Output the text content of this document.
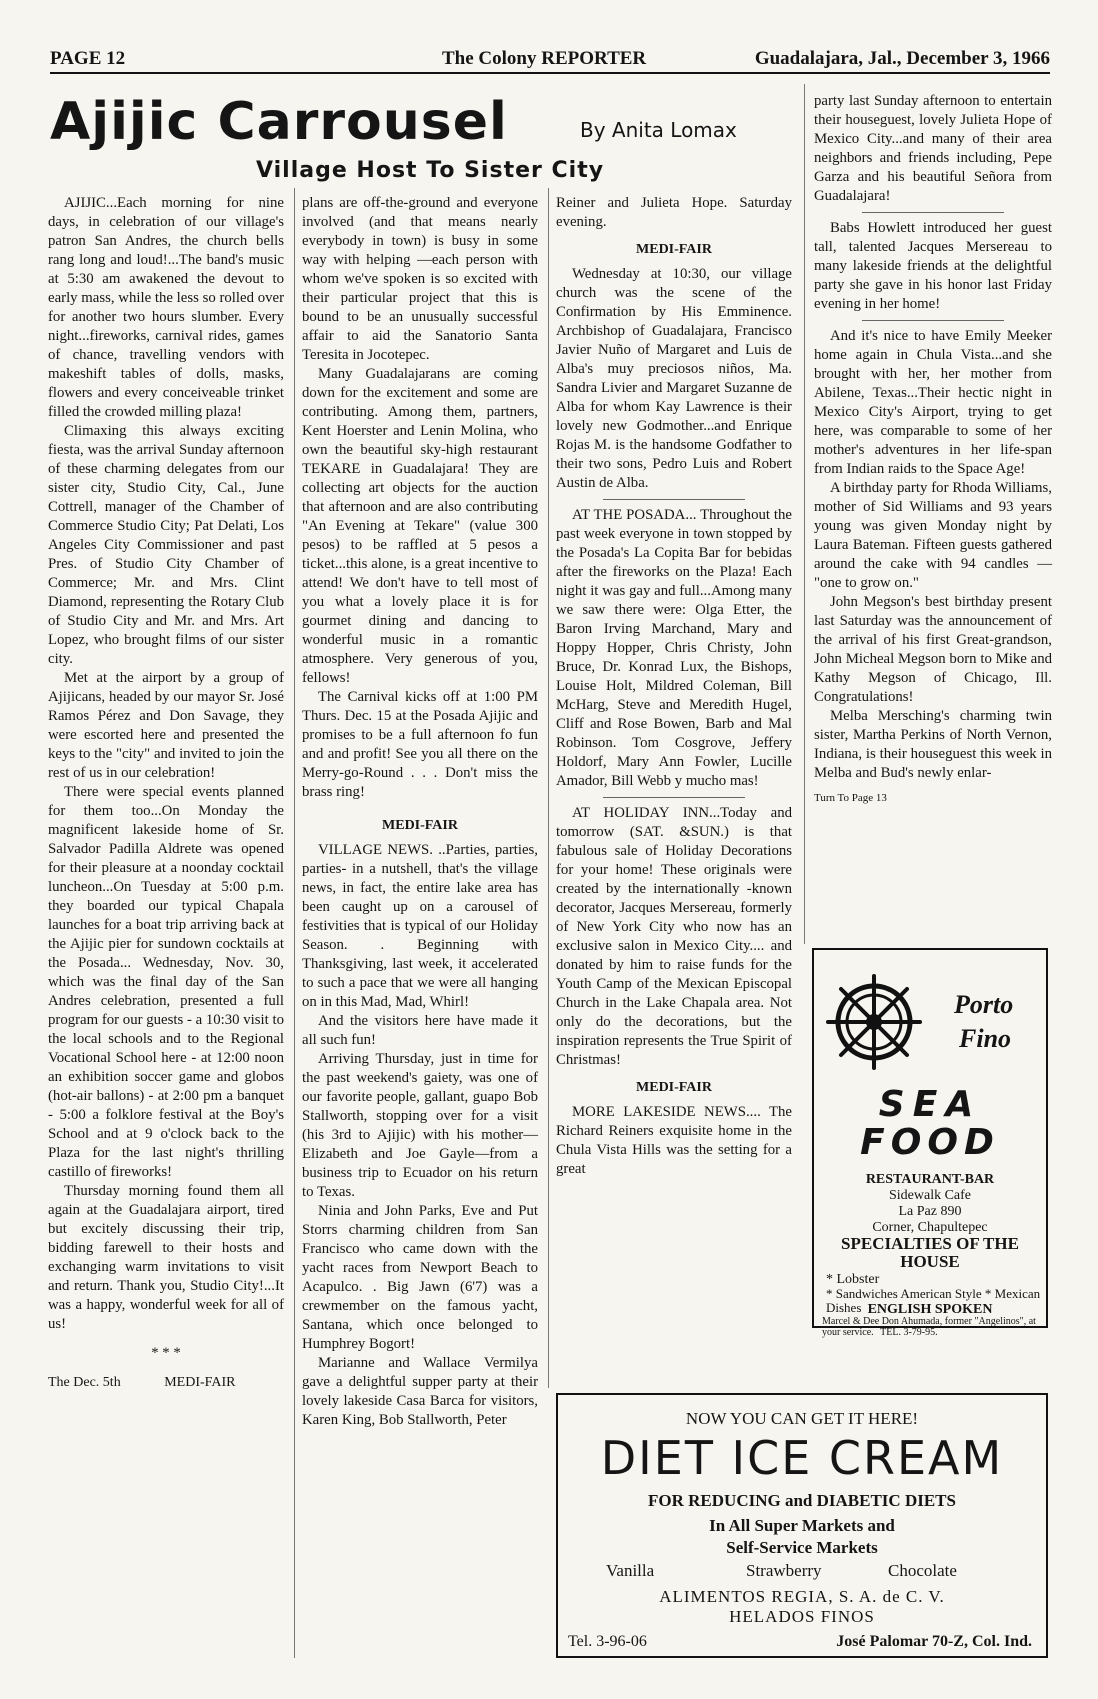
PAGE 12	The Colony REPORTER	Guadalajara, Jal., December 3, 1966
Ajijic Carrousel	By Anita Lomax
Village Host To Sister City

AJIJIC...Each morning for nine days, in celebration of our village's patron San Andres, the church bells rang long and loud!...The band's music at 5:30 am awakened the devout to early mass, while the less so rolled over for another two hours slumber. Every night...fireworks, carnival rides, games of chance, travelling vendors with makeshift tables of dolls, masks, flowers and every conceiveable trinket filled the crowded milling plaza!

Climaxing this always exciting fiesta, was the arrival Sunday afternoon of these charming delegates from our sister city, Studio City, Cal., June Cottrell, manager of the Chamber of Commerce Studio City; Pat Delati, Los Angeles City Commissioner and past Pres. of Studio City Chamber of Commerce; Mr. and Mrs. Clint Diamond, representing the Rotary Club of Studio City and Mr. and Mrs. Art Lopez, who brought films of our sister city.

Met at the airport by a group of Ajijicans, headed by our mayor Sr. José Ramos Pérez and Don Savage, they were escorted here and presented the keys to the "city" and invited to join the rest of us in our celebration!

There were special events planned for them too...On Monday the magnificent lakeside home of Sr. Salvador Padilla Aldrete was opened for their pleasure at a noonday cocktail luncheon...On Tuesday at 5:00 p.m. they boarded our typical Chapala launches for a boat trip arriving back at the Ajijic pier for sundown cocktails at the Posada... Wednesday, Nov. 30, which was the final day of the San Andres celebration, presented a full program for our guests - a 10:30 visit to the local schools and to the Regional Vocational School here - at 12:00 noon an exhibition soccer game and globos (hot-air ballons) - at 2:00 pm a banquet - 5:00 a folklore festival at the Boy's School and at 9 o'clock back to the Plaza for the last night's thrilling castillo of fireworks!

Thursday morning found them all again at the Guadalajara airport, tired but excitely discussing their trip, bidding farewell to their hosts and exchanging warm invitations to visit and return. Thank you, Studio City!...It was a happy, wonderful week for all of us!

* * *
The Dec. 5th	MEDI-FAIR

plans are off-the-ground and everyone involved (and that means nearly everybody in town) is busy in some way with helping —each person with whom we've spoken is so excited with their particular project that this is bound to be an unusually successful affair to aid the Sanatorio Santa Teresita in Jocotepec.

Many Guadalajarans are coming down for the excitement and some are contributing. Among them, partners, Kent Hoerster and Lenin Molina, who own the beautiful sky-high restaurant TEKARE in Guadalajara! They are collecting art objects for the auction that afternoon and are also contributing "An Evening at Tekare" (value 300 pesos) to be raffled at 5 pesos a ticket...this alone, is a great incentive to attend! We don't have to tell most of you what a lovely place it is for gourmet dining and dancing to wonderful music in a romantic atmosphere. Very generous of you, fellows!

The Carnival kicks off at 1:00 PM Thurs. Dec. 15 at the Posada Ajijic and promises to be a full afternoon fo fun and and profit! See you all there on the Merry-go-Round . . . Don't miss the brass ring!

MEDI-FAIR

VILLAGE NEWS. ..Parties, parties, parties- in a nutshell, that's the village news, in fact, the entire lake area has been caught up on a carousel of festivities that is typical of our Holiday Season. . Beginning with Thanksgiving, last week, it accelerated to such a pace that we were all hanging on in this Mad, Mad, Whirl!

And the visitors here have made it all such fun!

Arriving Thursday, just in time for the past weekend's gaiety, was one of our favorite people, gallant, guapo Bob Stallworth, stopping over for a visit (his 3rd to Ajijic) with his mother—Elizabeth and Joe Gayle—from a business trip to Ecuador on his return to Texas.

Ninia and John Parks, Eve and Put Storrs charming children from San Francisco who came down with the yacht races from Newport Beach to Acapulco. . Big Jawn (6'7) was a crewmember on the famous yacht, Santana, which once belonged to Humphrey Bogort!

Marianne and Wallace Vermilya gave a delightful supper party at their lovely lakeside Casa Barca for visitors, Karen King, Bob Stallworth, Peter

Reiner and Julieta Hope. Saturday evening.

MEDI-FAIR

Wednesday at 10:30, our village church was the scene of the Confirmation by His Emminence. Archbishop of Guadalajara, Francisco Javier Nuño of Margaret and Luis de Alba's muy preciosos niños, Ma. Sandra Livier and Margaret Suzanne de Alba for whom Kay Lawrence is their lovely new Godmother...and Enrique Rojas M. is the handsome Godfather to their two sons, Pedro Luis and Robert Austin de Alba.

AT THE POSADA... Throughout the past week everyone in town stopped by the Posada's La Copita Bar for bebidas after the fireworks on the Plaza! Each night it was gay and full...Among many we saw there were: Olga Etter, the Baron Irving Marchand, Mary and Hoppy Hopper, Chris Christy, John Bruce, Dr. Konrad Lux, the Bishops, Louise Holt, Mildred Coleman, Bill McHarg, Steve and Meredith Hugel, Cliff and Rose Bowen, Barb and Mal Robinson. Tom Cosgrove, Jeffery Holdorf, Mary Ann Fowler, Lucille Amador, Bill Webb y mucho mas!

AT HOLIDAY INN...Today and tomorrow (SAT. &SUN.) is that fabulous sale of Holiday Decorations for your home! These originals were created by the internationally -known decorator, Jacques Mersereau, formerly of New York City who now has an exclusive salon in Mexico City.... and donated by him to raise funds for the Youth Camp of the Mexican Episcopal Church in the Lake Chapala area. Not only do the decorations, but the inspiration represents the True Spirit of Christmas!

MEDI-FAIR

MORE LAKESIDE NEWS.... The Richard Reiners exquisite home in the Chula Vista Hills was the setting for a great

party last Sunday afternoon to entertain their houseguest, lovely Julieta Hope of Mexico City...and many of their area neighbors and friends including, Pepe Garza and his beautiful Señora from Guadalajara!

Babs Howlett introduced her guest tall, talented Jacques Mersereau to many lakeside friends at the delightful party she gave in his honor last Friday evening in her home!

And it's nice to have Emily Meeker home again in Chula Vista...and she brought with her, her mother from Abilene, Texas...Their hectic night in Mexico City's Airport, trying to get here, was comparable to some of her mother's adventures in her life-span from Indian raids to the Space Age!

A birthday party for Rhoda Williams, mother of Sid Williams and 93 years young was given Monday night by Laura Bateman. Fifteen guests gathered around the cake with 94 candles — "one to grow on."

John Megson's best birthday present last Saturday was the announcement of the arrival of his first Great-grandson, John Micheal Megson born to Mike and Kathy Megson of Chicago, Ill. Congratulations!

Melba Mersching's charming twin sister, Martha Perkins of North Vernon, Indiana, is their houseguest this week in Melba and Bud's newly enlar-

Turn To Page 13
Porto
Fino
SEA
FOOD
RESTAURANT-BAR
Sidewalk Cafe
La Paz 890
Corner, Chapultepec
SPECIALTIES OF THE
HOUSE
* Lobster
* Sandwiches American Style * Mexican Dishes ENGLISH SPOKEN
Marcel & Dee Don Ahumada, former "Angelinos", at your service. TEL. 3-79-95.
NOW YOU CAN GET IT HERE!
DIET ICE CREAM
FOR REDUCING and DIABETIC DIETS
In All Super Markets and
Self-Service Markets
Vanilla	Strawberry	Chocolate
ALIMENTOS REGIA, S. A. de C. V.
HELADOS FINOS
Tel. 3-96-06	José Palomar 70-Z, Col. Ind.
